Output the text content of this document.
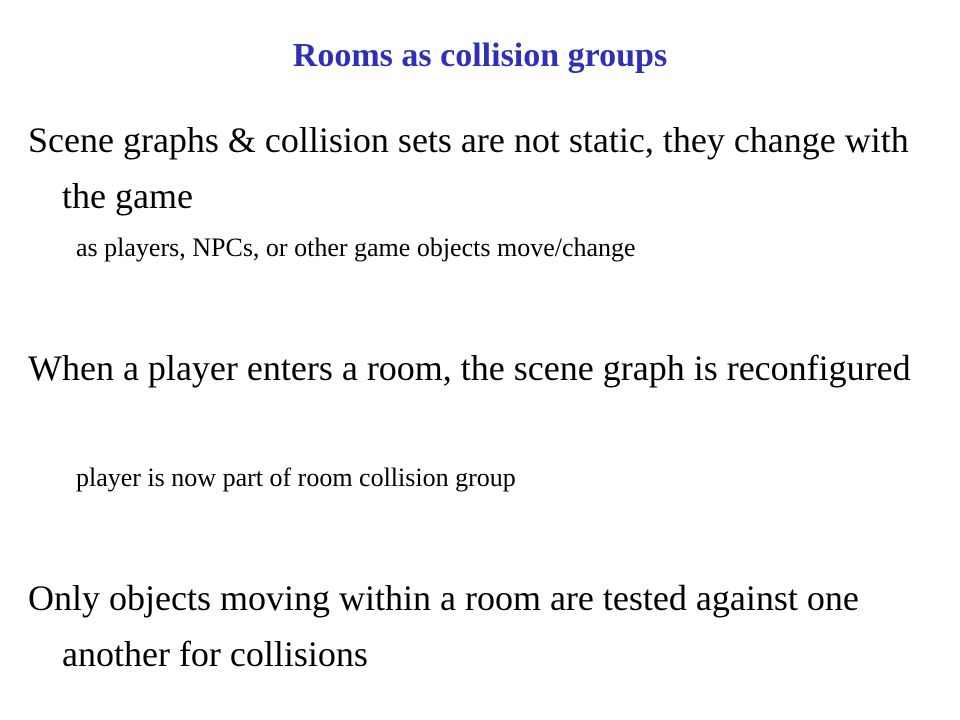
Rooms as collision groups
Scene graphs & collision sets are not static, they change with the game
as players, NPCs, or other game objects move/change
When a player enters a room, the scene graph is reconfigured
player is now part of room collision group
Only objects moving within a room are tested against one another for collisions
